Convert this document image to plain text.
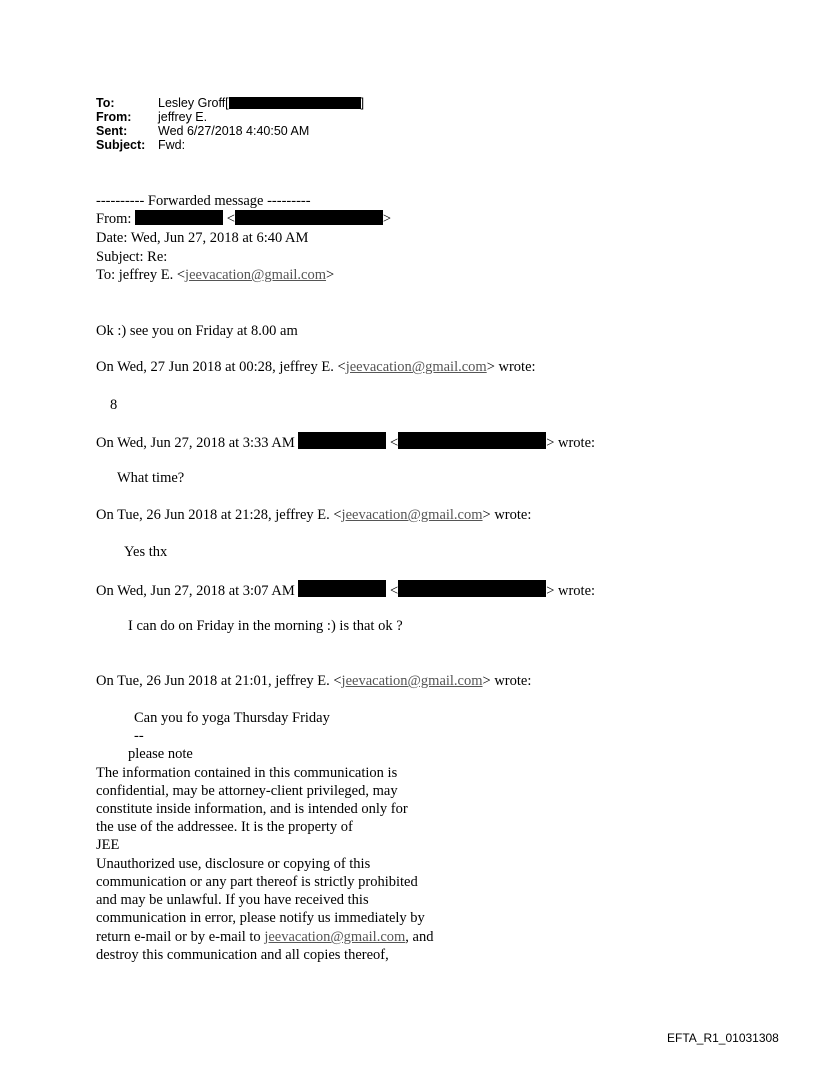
To:	Lesley Groff[	]
From: jeffrey E.
Sent: Wed 6/27/2018 4:40:50 AM
Subject: Fwd:
---------- Forwarded message ---------
From:	<	>
Date: Wed, Jun 27, 2018 at 6:40 AM
Subject: Re:
To: jeffrey E. <jeevacation@gmail.com>
Ok :) see you on Friday at 8.00 am
On Wed, 27 Jun 2018 at 00:28, jeffrey E. <jeevacation@gmail.com> wrote:
8
On Wed, Jun 27, 2018 at 3:33 AM	<	> wrote:
What time?
On Tue, 26 Jun 2018 at 21:28, jeffrey E. <jeevacation@gmail.com> wrote:
Yes thx
On Wed, Jun 27, 2018 at 3:07 AM	<	> wrote:
I can do on Friday in the morning :) is that ok ?
On Tue, 26 Jun 2018 at 21:01, jeffrey E. <jeevacation@gmail.com> wrote:
Can you fo yoga Thursday Friday
--
please note
The information contained in this communication is
confidential, may be attorney-client privileged, may
constitute inside information, and is intended only for
the use of the addressee. It is the property of
JEE
Unauthorized use, disclosure or copying of this
communication or any part thereof is strictly prohibited
and may be unlawful. If you have received this
communication in error, please notify us immediately by
return e-mail or by e-mail to jeevacation@gmail.com, and
destroy this communication and all copies thereof,
EFTA_R1_01031308
